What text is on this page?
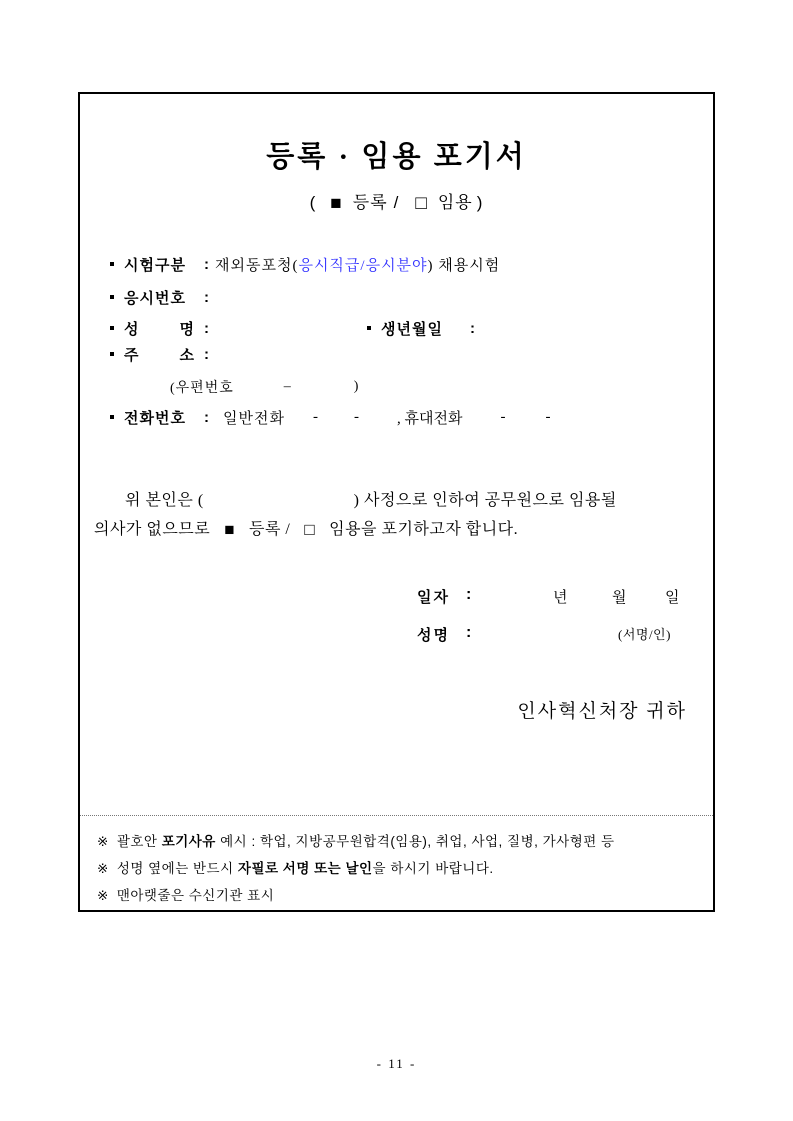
등록 · 임용 포기서
( ■ 등록 / □ 임용 )
시험구분	: 재외동포청(응시직급/응시분야) 채용시험
응시번호	:
성	명 :	생년월일 :
주	소 :
(우편번호	–	)
전화번호	: 일반전화 - -	, 휴대전화	-	-
위 본인은 (	) 사정으로 인하여 공무원으로 임용될
의사가 없으므로 ■ 등록 / □ 임용을 포기하고자 합니다.
일자 :	년	월	일
성명 :	(서명/인)
인사혁신처장 귀하
※ 괄호안 포기사유 예시 : 학업, 지방공무원합격(임용), 취업, 사업, 질병, 가사형편 등
※ 성명 옆에는 반드시 자필로 서명 또는 날인을 하시기 바랍니다.
※ 맨아랫줄은 수신기관 표시
- 11 -
